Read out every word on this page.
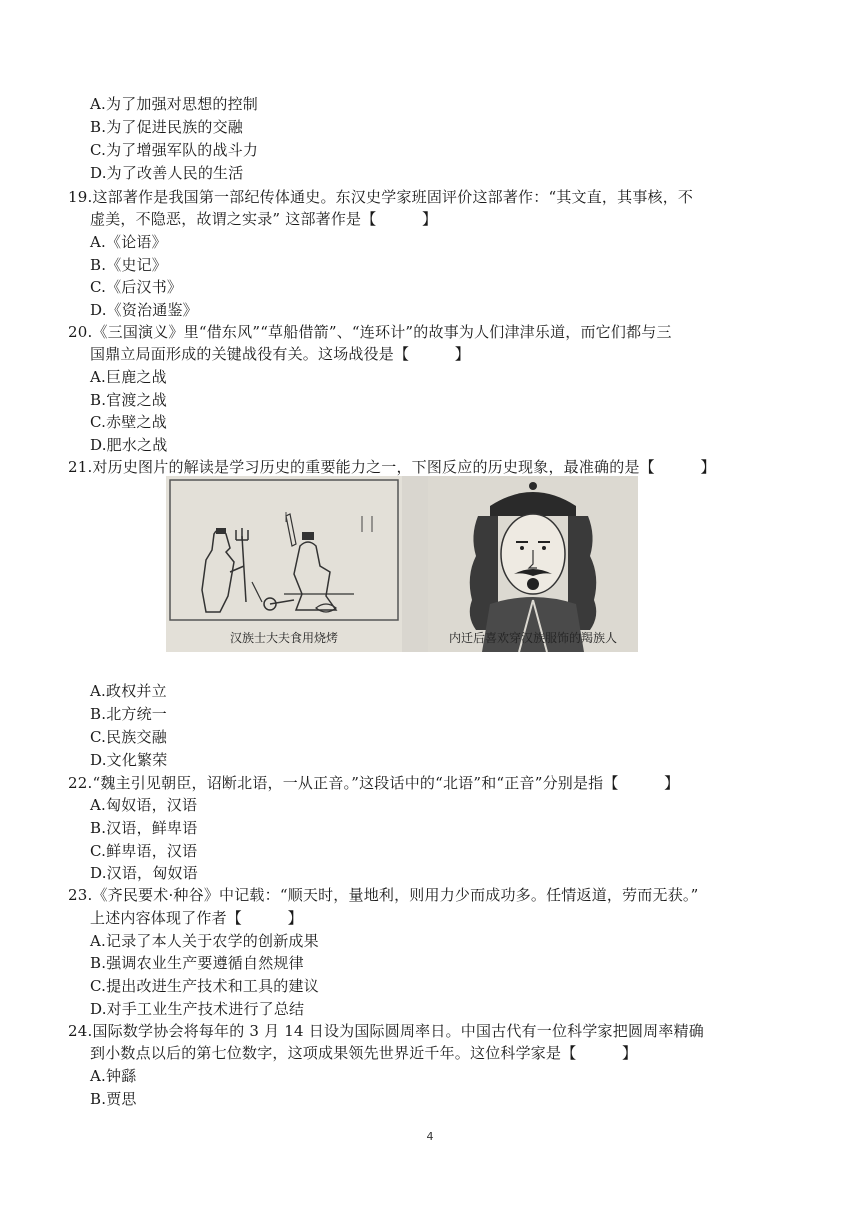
A.为了加强对思想的控制
B.为了促进民族的交融
C.为了增强军队的战斗力
D.为了改善人民的生活
19.这部著作是我国第一部纪传体通史。东汉史学家班固评价这部著作：“其文直，其事核，不
虚美，不隐恶，故谓之实录” 这部著作是【　　　】
A.《论语》
B.《史记》
C.《后汉书》
D.《资治通鉴》
20.《三国演义》里“借东风”“草船借箭”、“连环计”的故事为人们津津乐道，而它们都与三
国鼎立局面形成的关键战役有关。这场战役是【　　　】
A.巨鹿之战
B.官渡之战
C.赤壁之战
D.肥水之战
21.对历史图片的解读是学习历史的重要能力之一，下图反应的历史现象，最准确的是【　　　】
汉族士大夫食用烧烤	内迁后喜欢穿汉族服饰的羯族人
A.政权并立
B.北方统一
C.民族交融
D.文化繁荣
22.“魏主引见朝臣，诏断北语，一从正音。”这段话中的“北语”和“正音”分别是指【　　　】
A.匈奴语，汉语
B.汉语，鲜卑语
C.鲜卑语，汉语
D.汉语，匈奴语
23.《齐民要术·种谷》中记载：“顺天时，量地利，则用力少而成功多。任情返道，劳而无获。”
上述内容体现了作者【　　　】
A.记录了本人关于农学的创新成果
B.强调农业生产要遵循自然规律
C.提出改进生产技术和工具的建议
D.对手工业生产技术进行了总结
24.国际数学协会将每年的 3 月 14 日设为国际圆周率日。中国古代有一位科学家把圆周率精确
到小数点以后的第七位数字，这项成果领先世界近千年。这位科学家是【　　　】
A.钟繇
B.贾思
4
